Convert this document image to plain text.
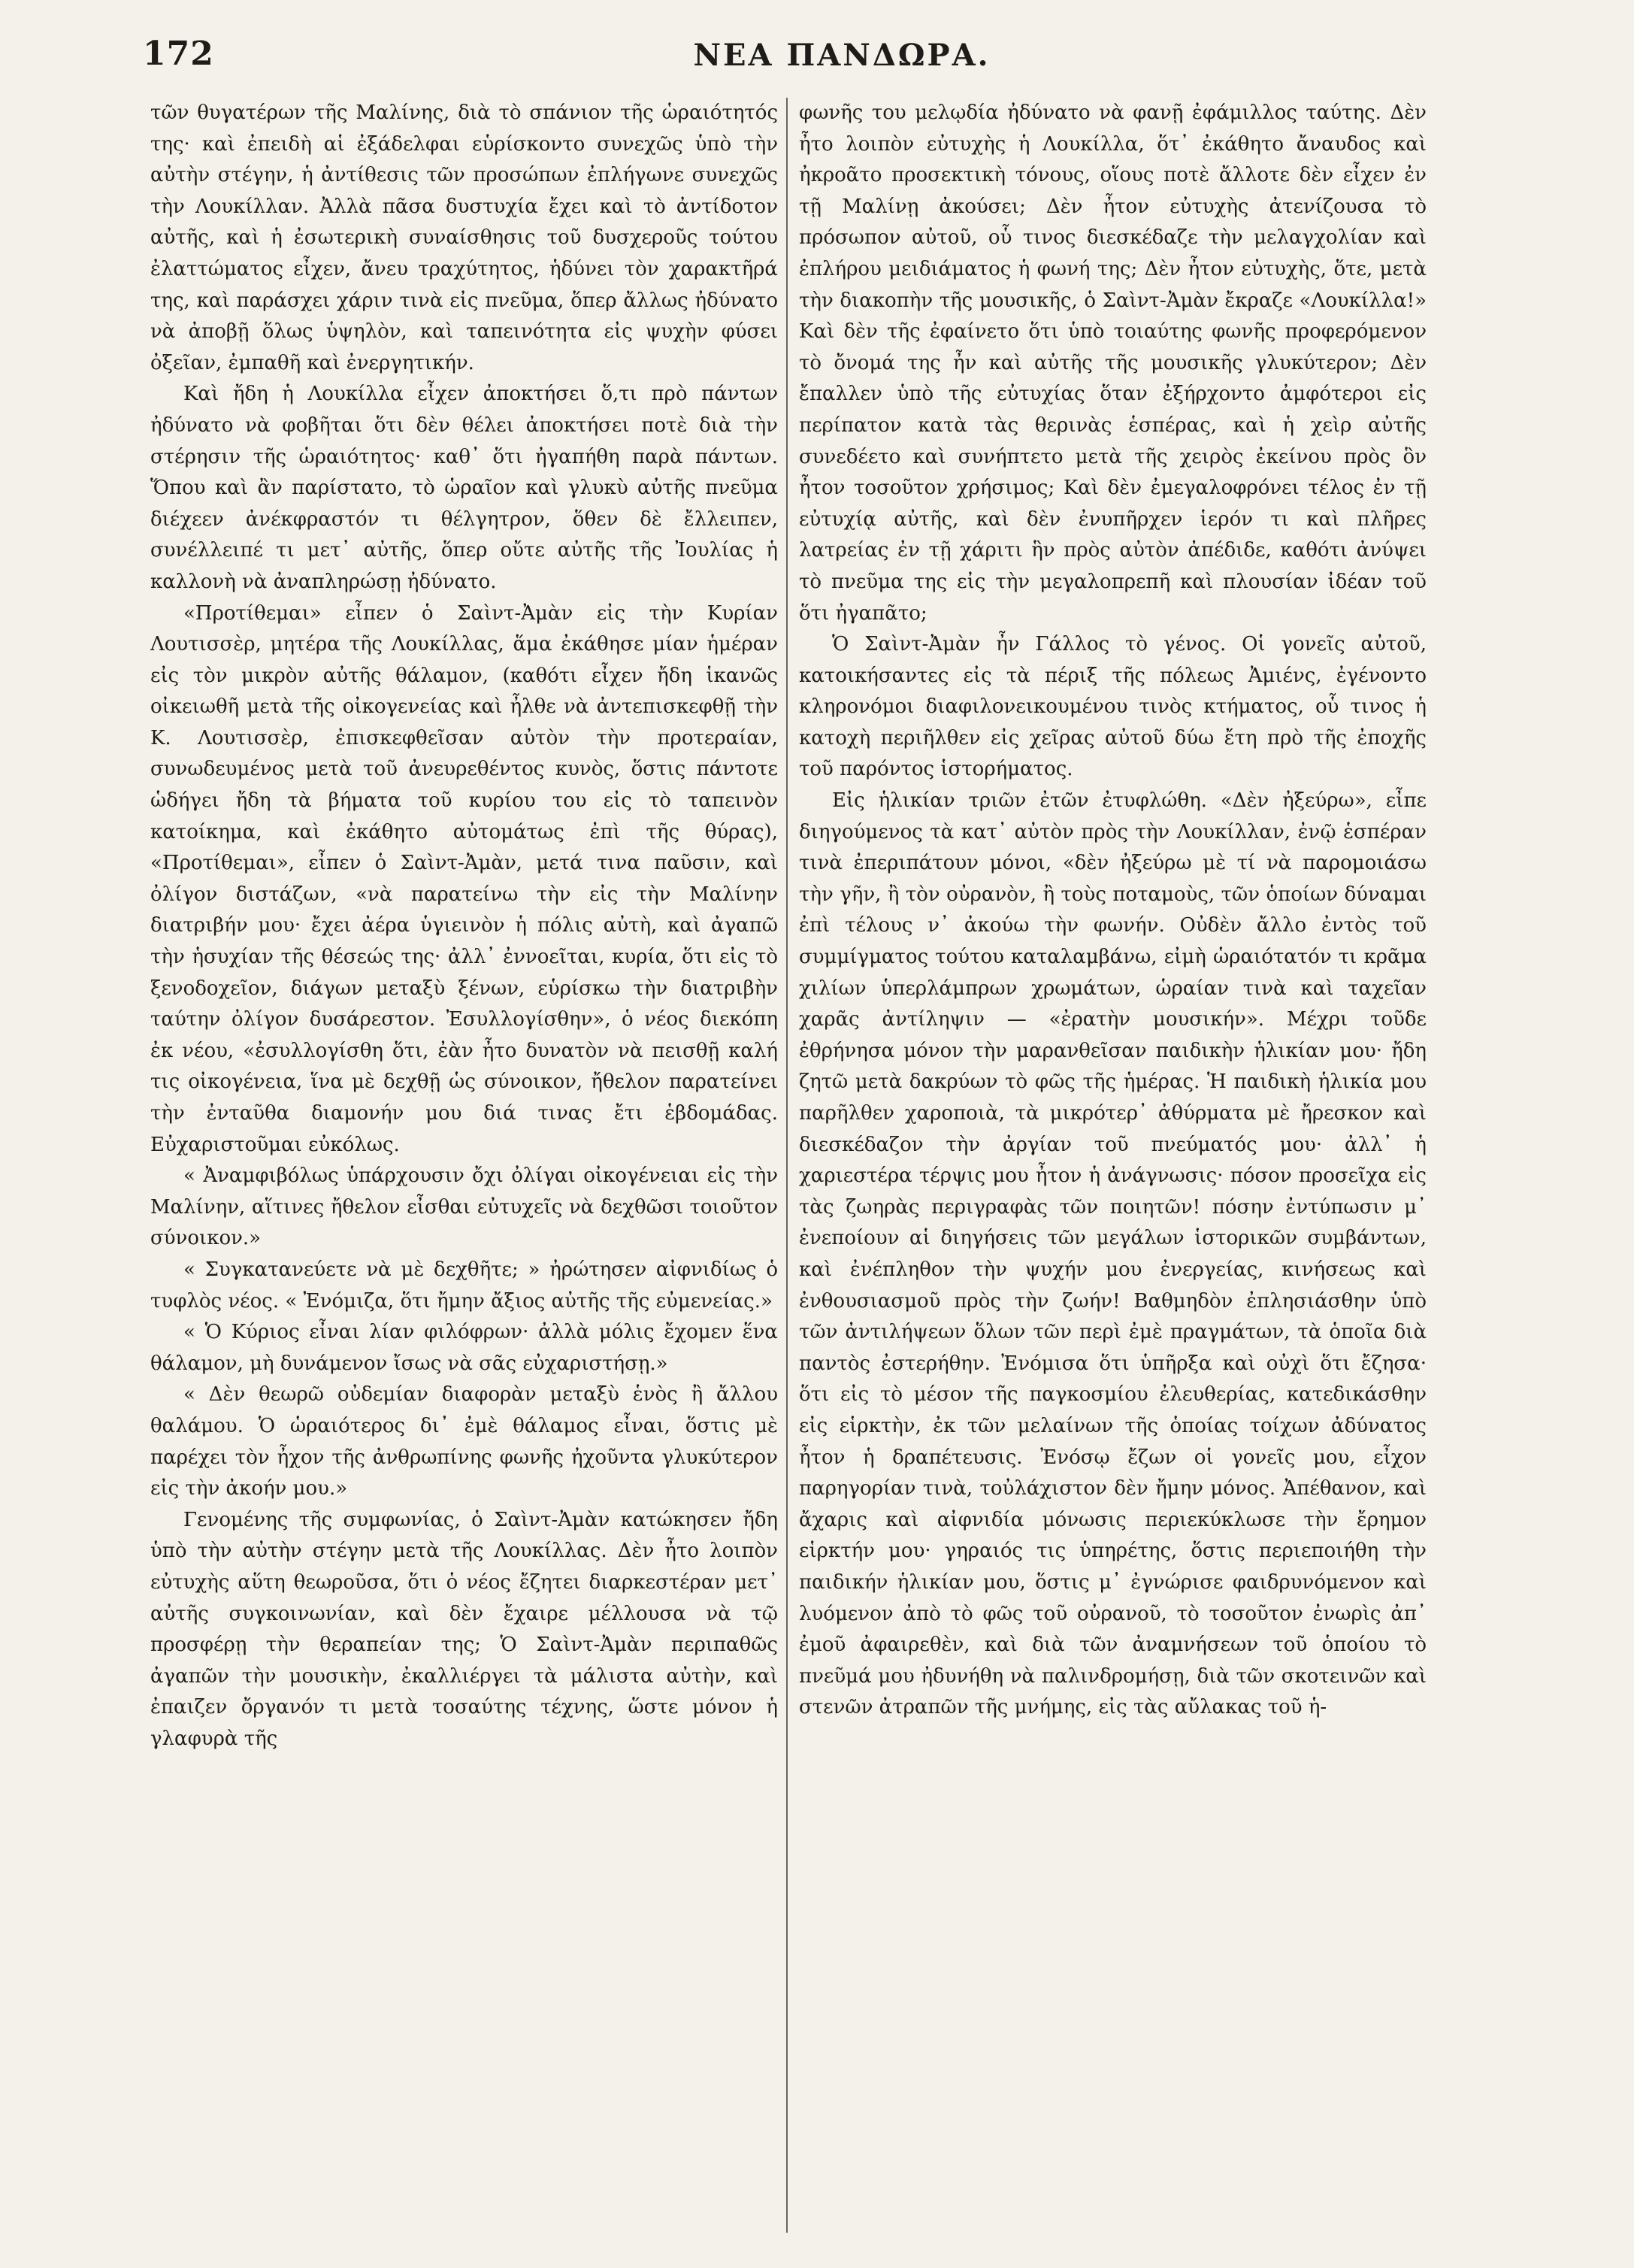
172	ΝΕΑ ΠΑΝΔΩΡΑ.

τῶν θυγατέρων τῆς Μαλίνης, διὰ τὸ σπάνιον τῆς ὡραιότητός της· καὶ ἐπειδὴ αἱ ἐξάδελφαι εὑρίσκοντο συνεχῶς ὑπὸ τὴν αὐτὴν στέγην, ἡ ἀντίθεσις τῶν προσώπων ἐπλήγωνε συνεχῶς τὴν Λουκίλλαν. Ἀλλὰ πᾶσα δυστυχία ἔχει καὶ τὸ ἀντίδοτον αὐτῆς, καὶ ἡ ἐσωτερικὴ συναίσθησις τοῦ δυσχεροῦς τούτου ἐλαττώματος εἶχεν, ἄνευ τραχύτητος, ἡδύνει τὸν χαρακτῆρά της, καὶ παράσχει χάριν τινὰ εἰς πνεῦμα, ὅπερ ἄλλως ἠδύνατο νὰ ἀποβῇ ὅλως ὑψηλὸν, καὶ ταπεινότητα εἰς ψυχὴν φύσει ὀξεῖαν, ἐμπαθῆ καὶ ἐνεργητικήν.

Καὶ ἤδη ἡ Λουκίλλα εἶχεν ἀποκτήσει ὅ,τι πρὸ πάντων ἠδύνατο νὰ φοβῆται ὅτι δὲν θέλει ἀποκτήσει ποτὲ διὰ τὴν στέρησιν τῆς ὡραιότητος· καθ᾽ ὅτι ἠγαπήθη παρὰ πάντων. Ὅπου καὶ ἂν παρίστατο, τὸ ὡραῖον καὶ γλυκὺ αὐτῆς πνεῦμα διέχεεν ἀνέκφραστόν τι θέλγητρον, ὅθεν δὲ ἔλλειπεν, συνέλλειπέ τι μετ᾽ αὐτῆς, ὅπερ οὔτε αὐτῆς τῆς Ἰουλίας ἡ καλλονὴ νὰ ἀναπληρώσῃ ἠδύνατο.

«Προτίθεμαι» εἶπεν ὁ Σαὶντ-Ἀμὰν εἰς τὴν Κυρίαν Λουτισσὲρ, μητέρα τῆς Λουκίλλας, ἅμα ἐκάθησε μίαν ἡμέραν εἰς τὸν μικρὸν αὐτῆς θάλαμον, (καθότι εἶχεν ἤδη ἱκανῶς οἰκειωθῆ μετὰ τῆς οἰκογενείας καὶ ἦλθε νὰ ἀντεπισκεφθῇ τὴν Κ. Λουτισσὲρ, ἐπισκεφθεῖσαν αὐτὸν τὴν προτεραίαν, συνωδευμένος μετὰ τοῦ ἀνευρεθέντος κυνὸς, ὅστις πάντοτε ὡδήγει ἤδη τὰ βήματα τοῦ κυρίου του εἰς τὸ ταπεινὸν κατοίκημα, καὶ ἐκάθητο αὐτομάτως ἐπὶ τῆς θύρας), «Προτίθεμαι», εἶπεν ὁ Σαὶντ-Ἀμὰν, μετά τινα παῦσιν, καὶ ὀλίγον διστάζων, «νὰ παρατείνω τὴν εἰς τὴν Μαλίνην διατριβήν μου· ἔχει ἀέρα ὑγιεινὸν ἡ πόλις αὐτὴ, καὶ ἀγαπῶ τὴν ἡσυχίαν τῆς θέσεώς της· ἀλλ᾽ ἐννοεῖται, κυρία, ὅτι εἰς τὸ ξενοδοχεῖον, διάγων μεταξὺ ξένων, εὑρίσκω τὴν διατριβὴν ταύτην ὀλίγον δυσάρεστον. Ἐσυλλογίσθην», ὁ νέος διεκόπη ἐκ νέου, «ἐσυλλογίσθη ὅτι, ἐὰν ἦτο δυνατὸν νὰ πεισθῇ καλή τις οἰκογένεια, ἵνα μὲ δεχθῇ ὡς σύνοικον, ἤθελον παρατείνει τὴν ἐνταῦθα διαμονήν μου διά τινας ἔτι ἑβδομάδας. Εὐχαριστοῦμαι εὐκόλως.

« Ἀναμφιβόλως ὑπάρχουσιν ὄχι ὀλίγαι οἰκογένειαι εἰς τὴν Μαλίνην, αἵτινες ἤθελον εἶσθαι εὐτυχεῖς νὰ δεχθῶσι τοιοῦτον σύνοικον.»

« Συγκατανεύετε νὰ μὲ δεχθῆτε; » ἠρώτησεν αἰφνιδίως ὁ τυφλὸς νέος. « Ἐνόμιζα, ὅτι ἤμην ἄξιος αὐτῆς τῆς εὐμενείας.»

« Ὁ Κύριος εἶναι λίαν φιλόφρων· ἀλλὰ μόλις ἔχομεν ἕνα θάλαμον, μὴ δυνάμενον ἴσως νὰ σᾶς εὐχαριστήσῃ.»

« Δὲν θεωρῶ οὐδεμίαν διαφορὰν μεταξὺ ἑνὸς ἢ ἄλλου θαλάμου. Ὁ ὡραιότερος δι᾽ ἐμὲ θάλαμος εἶναι, ὅστις μὲ παρέχει τὸν ἦχον τῆς ἀνθρωπίνης φωνῆς ἠχοῦντα γλυκύτερον εἰς τὴν ἀκοήν μου.»

Γενομένης τῆς συμφωνίας, ὁ Σαὶντ-Ἀμὰν κατώκησεν ἤδη ὑπὸ τὴν αὐτὴν στέγην μετὰ τῆς Λουκίλλας. Δὲν ἦτο λοιπὸν εὐτυχὴς αὕτη θεωροῦσα, ὅτι ὁ νέος ἔζητει διαρκεστέραν μετ᾽ αὐτῆς συγκοινωνίαν, καὶ δὲν ἔχαιρε μέλλουσα νὰ τῷ προσφέρῃ τὴν θεραπείαν της; Ὁ Σαὶντ-Ἀμὰν περιπαθῶς ἀγαπῶν τὴν μουσικὴν, ἐκαλλιέργει τὰ μάλιστα αὐτὴν, καὶ ἐπαιζεν ὄργανόν τι μετὰ τοσαύτης τέχνης, ὥστε μόνον ἡ γλαφυρὰ τῆς

φωνῆς του μελῳδία ἠδύνατο νὰ φανῇ ἐφάμιλλος ταύτης. Δὲν ἦτο λοιπὸν εὐτυχὴς ἡ Λουκίλλα, ὅτ᾽ ἐκάθητο ἄναυδος καὶ ἠκροᾶτο προσεκτικὴ τόνους, οἵους ποτὲ ἄλλοτε δὲν εἶχεν ἐν τῇ Μαλίνῃ ἀκούσει; Δὲν ἦτον εὐτυχὴς ἀτενίζουσα τὸ πρόσωπον αὐτοῦ, οὗ τινος διεσκέδαζε τὴν μελαγχολίαν καὶ ἐπλήρου μειδιάματος ἡ φωνή της; Δὲν ἦτον εὐτυχὴς, ὅτε, μετὰ τὴν διακοπὴν τῆς μουσικῆς, ὁ Σαὶντ-Ἀμὰν ἔκραζε «Λουκίλλα!» Καὶ δὲν τῆς ἐφαίνετο ὅτι ὑπὸ τοιαύτης φωνῆς προφερόμενον τὸ ὄνομά της ἦν καὶ αὐτῆς τῆς μουσικῆς γλυκύτερον; Δὲν ἔπαλλεν ὑπὸ τῆς εὐτυχίας ὅταν ἐξήρχοντο ἀμφότεροι εἰς περίπατον κατὰ τὰς θερινὰς ἑσπέρας, καὶ ἡ χεὶρ αὐτῆς συνεδέετο καὶ συνήπτετο μετὰ τῆς χειρὸς ἐκείνου πρὸς ὃν ἦτον τοσοῦτον χρήσιμος; Καὶ δὲν ἐμεγαλοφρόνει τέλος ἐν τῇ εὐτυχίᾳ αὐτῆς, καὶ δὲν ἐνυπῆρχεν ἱερόν τι καὶ πλῆρες λατρείας ἐν τῇ χάριτι ἣν πρὸς αὐτὸν ἀπέδιδε, καθότι ἀνύψει τὸ πνεῦμα της εἰς τὴν μεγαλοπρεπῆ καὶ πλουσίαν ἰδέαν τοῦ ὅτι ἠγαπᾶτο;

Ὁ Σαὶντ-Ἀμὰν ἦν Γάλλος τὸ γένος. Οἱ γονεῖς αὐτοῦ, κατοικήσαντες εἰς τὰ πέριξ τῆς πόλεως Ἀμιένς, ἐγένοντο κληρονόμοι διαφιλονεικουμένου τινὸς κτήματος, οὗ τινος ἡ κατοχὴ περιῆλθεν εἰς χεῖρας αὐτοῦ δύω ἔτη πρὸ τῆς ἐποχῆς τοῦ παρόντος ἱστορήματος.

Εἰς ἡλικίαν τριῶν ἐτῶν ἐτυφλώθη. «Δὲν ἠξεύρω», εἶπε διηγούμενος τὰ κατ᾽ αὐτὸν πρὸς τὴν Λουκίλλαν, ἐνῷ ἑσπέραν τινὰ ἐπεριπάτουν μόνοι, «δὲν ἠξεύρω μὲ τί νὰ παρομοιάσω τὴν γῆν, ἢ τὸν οὐρανὸν, ἢ τοὺς ποταμοὺς, τῶν ὁποίων δύναμαι ἐπὶ τέλους ν᾽ ἀκούω τὴν φωνήν. Οὐδὲν ἄλλο ἐντὸς τοῦ συμμίγματος τούτου καταλαμβάνω, εἰμὴ ὡραιότατόν τι κρᾶμα χιλίων ὑπερλάμπρων χρωμάτων, ὡραίαν τινὰ καὶ ταχεῖαν χαρᾶς ἀντίληψιν — «ἐρατὴν μουσικήν». Μέχρι τοῦδε ἐθρήνησα μόνον τὴν μαρανθεῖσαν παιδικὴν ἡλικίαν μου· ἤδη ζητῶ μετὰ δακρύων τὸ φῶς τῆς ἡμέρας. Ἡ παιδικὴ ἡλικία μου παρῆλθεν χαροποιὰ, τὰ μικρότερ᾽ ἀθύρματα μὲ ἤρεσκον καὶ διεσκέδαζον τὴν ἀργίαν τοῦ πνεύματός μου· ἀλλ᾽ ἡ χαριεστέρα τέρψις μου ἦτον ἡ ἀνάγνωσις· πόσον προσεῖχα εἰς τὰς ζωηρὰς περιγραφὰς τῶν ποιητῶν! πόσην ἐντύπωσιν μ᾽ ἐνεποίουν αἱ διηγήσεις τῶν μεγάλων ἱστορικῶν συμβάντων, καὶ ἐνέπληθον τὴν ψυχήν μου ἐνεργείας, κινήσεως καὶ ἐνθουσιασμοῦ πρὸς τὴν ζωήν! Βαθμηδὸν ἐπλησιάσθην ὑπὸ τῶν ἀντιλήψεων ὅλων τῶν περὶ ἐμὲ πραγμάτων, τὰ ὁποῖα διὰ παντὸς ἐστερήθην. Ἐνόμισα ὅτι ὑπῆρξα καὶ οὐχὶ ὅτι ἔζησα· ὅτι εἰς τὸ μέσον τῆς παγκοσμίου ἐλευθερίας, κατεδικάσθην εἰς εἱρκτὴν, ἐκ τῶν μελαίνων τῆς ὁποίας τοίχων ἀδύνατος ἦτον ἡ δραπέτευσις. Ἐνόσῳ ἔζων οἱ γονεῖς μου, εἶχον παρηγορίαν τινὰ, τοὐλάχιστον δὲν ἤμην μόνος. Ἀπέθανον, καὶ ἄχαρις καὶ αἰφνιδία μόνωσις περιεκύκλωσε τὴν ἔρημον εἱρκτήν μου· γηραιός τις ὑπηρέτης, ὅστις περιεποιήθη τὴν παιδικήν ἡλικίαν μου, ὅστις μ᾽ ἐγνώρισε φαιδρυνόμενον καὶ λυόμενον ἀπὸ τὸ φῶς τοῦ οὐρανοῦ, τὸ τοσοῦτον ἐνωρὶς ἀπ᾽ ἐμοῦ ἀφαιρεθὲν, καὶ διὰ τῶν ἀναμνήσεων τοῦ ὁποίου τὸ πνεῦμά μου ἠδυνήθη νὰ παλινδρομήσῃ, διὰ τῶν σκοτεινῶν καὶ στενῶν ἀτραπῶν τῆς μνήμης, εἰς τὰς αὔλακας τοῦ ἡ-
